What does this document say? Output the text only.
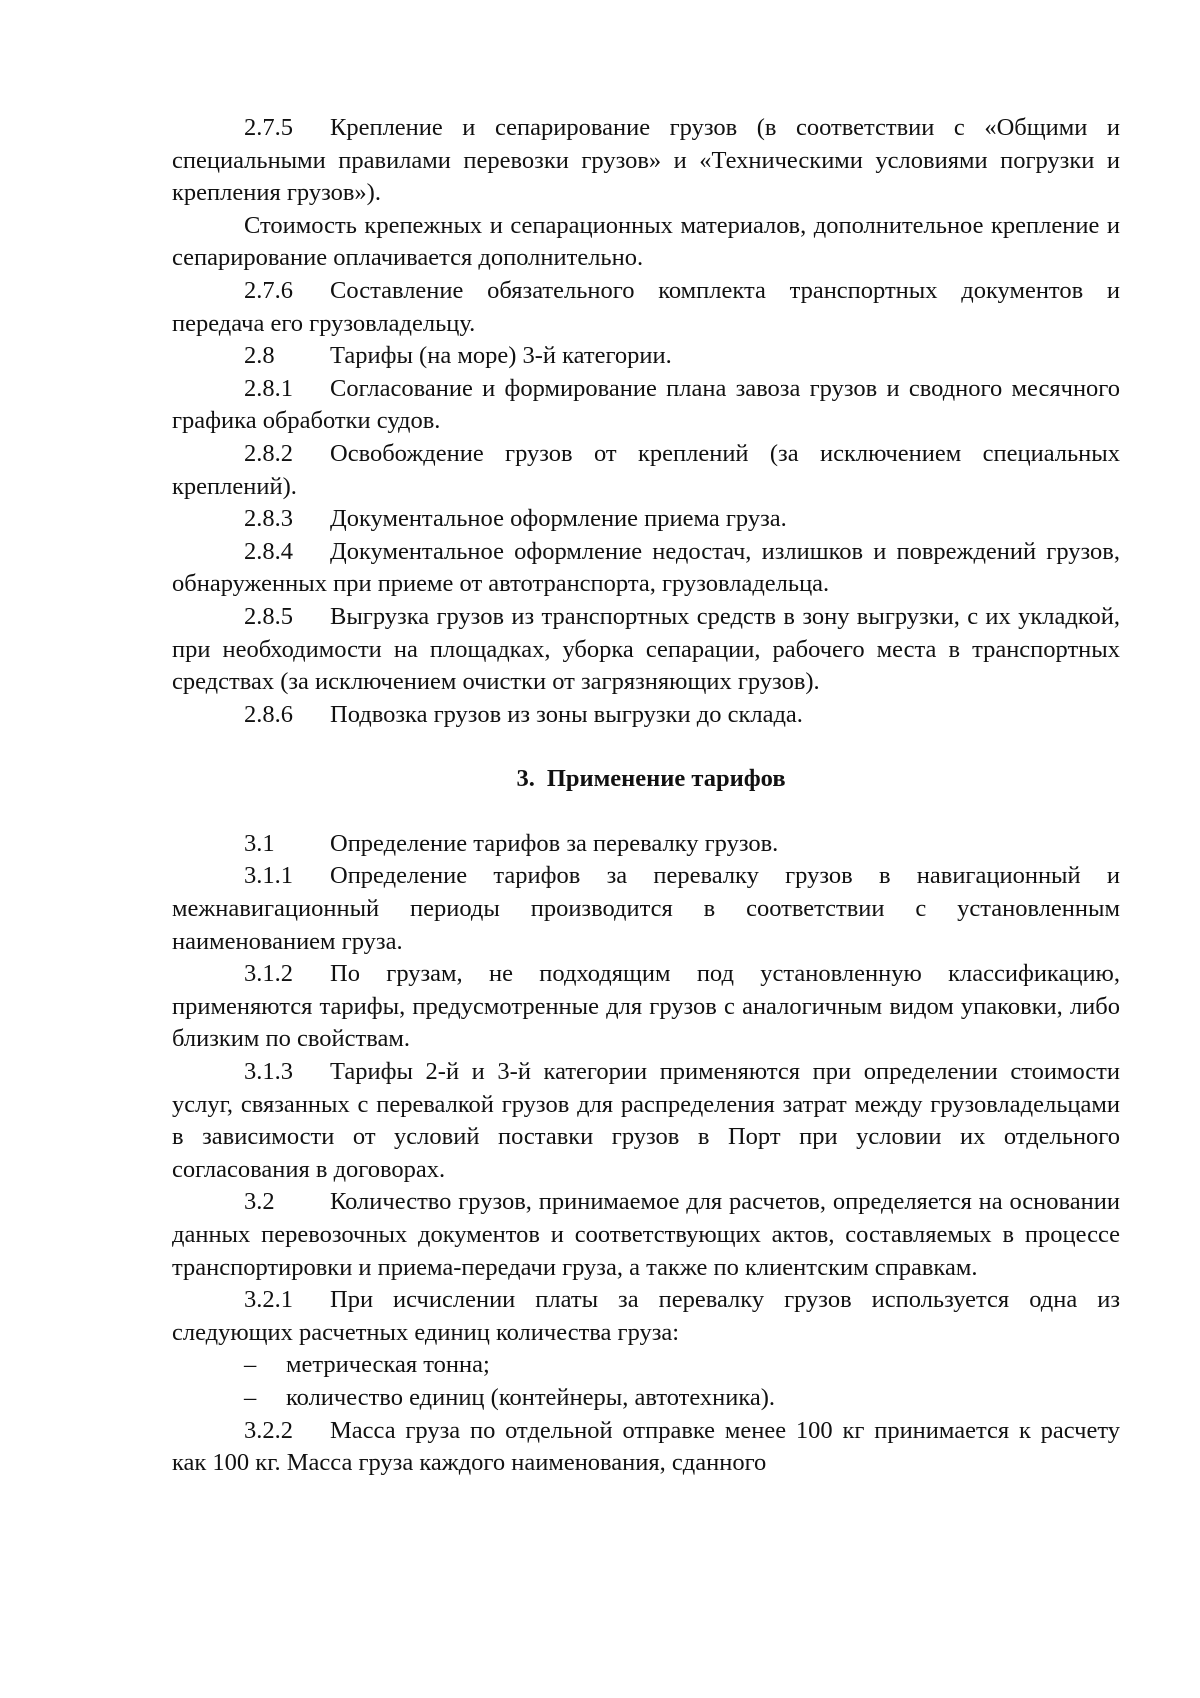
2.7.5 Крепление и сепарирование грузов (в соответствии с «Общими и специальными правилами перевозки грузов» и «Техническими условиями погрузки и крепления грузов»).

Стоимость крепежных и сепарационных материалов, дополнительное крепление и сепарирование оплачивается дополнительно.

2.7.6 Составление обязательного комплекта транспортных документов и передача его грузовладельцу.

2.8 Тарифы (на море) 3-й категории.

2.8.1 Согласование и формирование плана завоза грузов и сводного месячного графика обработки судов.

2.8.2 Освобождение грузов от креплений (за исключением специальных креплений).

2.8.3 Документальное оформление приема груза.

2.8.4 Документальное оформление недостач, излишков и повреждений грузов, обнаруженных при приеме от автотранспорта, грузовладельца.

2.8.5 Выгрузка грузов из транспортных средств в зону выгрузки, с их укладкой, при необходимости на площадках, уборка сепарации, рабочего места в транспортных средствах (за исключением очистки от загрязняющих грузов).

2.8.6 Подвозка грузов из зоны выгрузки до склада.

3. Применение тарифов

3.1 Определение тарифов за перевалку грузов.

3.1.1 Определение тарифов за перевалку грузов в навигационный и межнавигационный периоды производится в соответствии с установленным наименованием груза.

3.1.2 По грузам, не подходящим под установленную классификацию, применяются тарифы, предусмотренные для грузов с аналогичным видом упаковки, либо близким по свойствам.

3.1.3 Тарифы 2-й и 3-й категории применяются при определении стоимости услуг, связанных с перевалкой грузов для распределения затрат между грузовладельцами в зависимости от условий поставки грузов в Порт при условии их отдельного согласования в договорах.

3.2 Количество грузов, принимаемое для расчетов, определяется на основании данных перевозочных документов и соответствующих актов, составляемых в процессе транспортировки и приема-передачи груза, а также по клиентским справкам.

3.2.1 При исчислении платы за перевалку грузов используется одна из следующих расчетных единиц количества груза:

– метрическая тонна;

– количество единиц (контейнеры, автотехника).

3.2.2 Масса груза по отдельной отправке менее 100 кг принимается к расчету как 100 кг. Масса груза каждого наименования, сданного
